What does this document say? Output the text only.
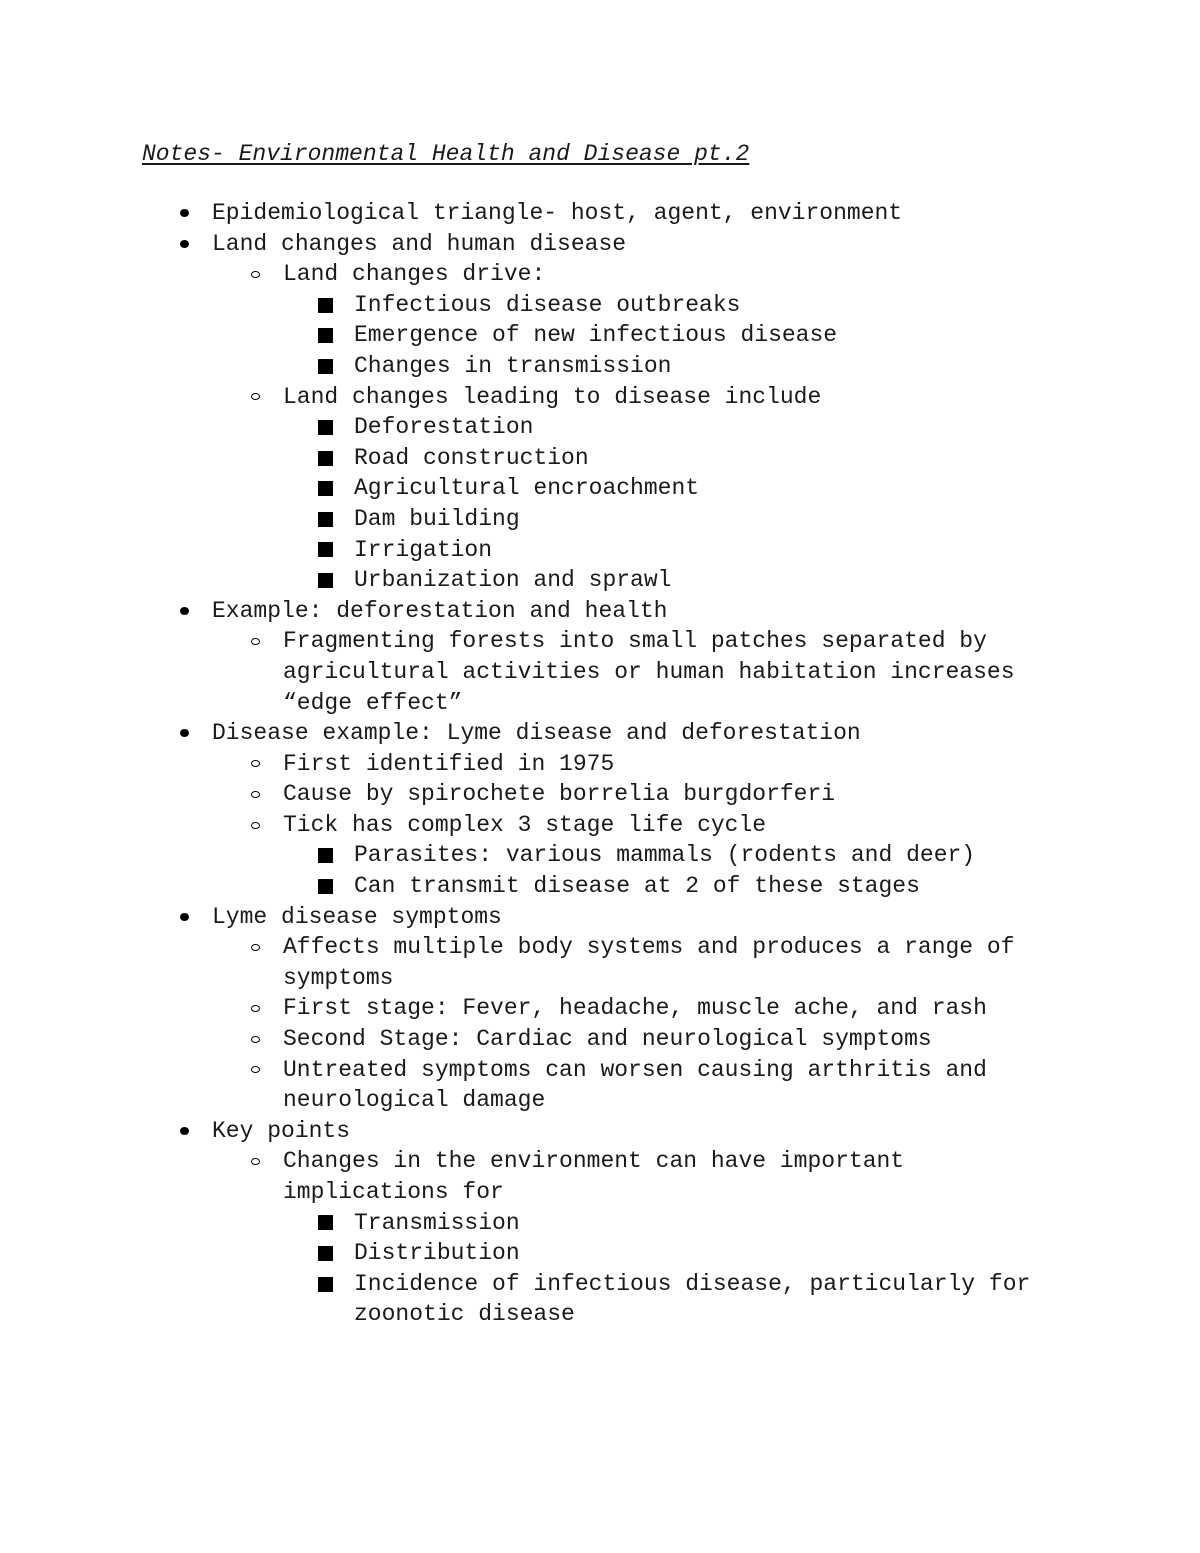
Notes- Environmental Health and Disease pt.2
Epidemiological triangle- host, agent, environment
Land changes and human disease
Land changes drive:
Infectious disease outbreaks
Emergence of new infectious disease
Changes in transmission
Land changes leading to disease include
Deforestation
Road construction
Agricultural encroachment
Dam building
Irrigation
Urbanization and sprawl
Example: deforestation and health
Fragmenting forests into small patches separated by
agricultural activities or human habitation increases
“edge effect”
Disease example: Lyme disease and deforestation
First identified in 1975
Cause by spirochete borrelia burgdorferi
Tick has complex 3 stage life cycle
Parasites: various mammals (rodents and deer)
Can transmit disease at 2 of these stages
Lyme disease symptoms
Affects multiple body systems and produces a range of
symptoms
First stage: Fever, headache, muscle ache, and rash
Second Stage: Cardiac and neurological symptoms
Untreated symptoms can worsen causing arthritis and
neurological damage
Key points
Changes in the environment can have important
implications for
Transmission
Distribution
Incidence of infectious disease, particularly for
zoonotic disease
